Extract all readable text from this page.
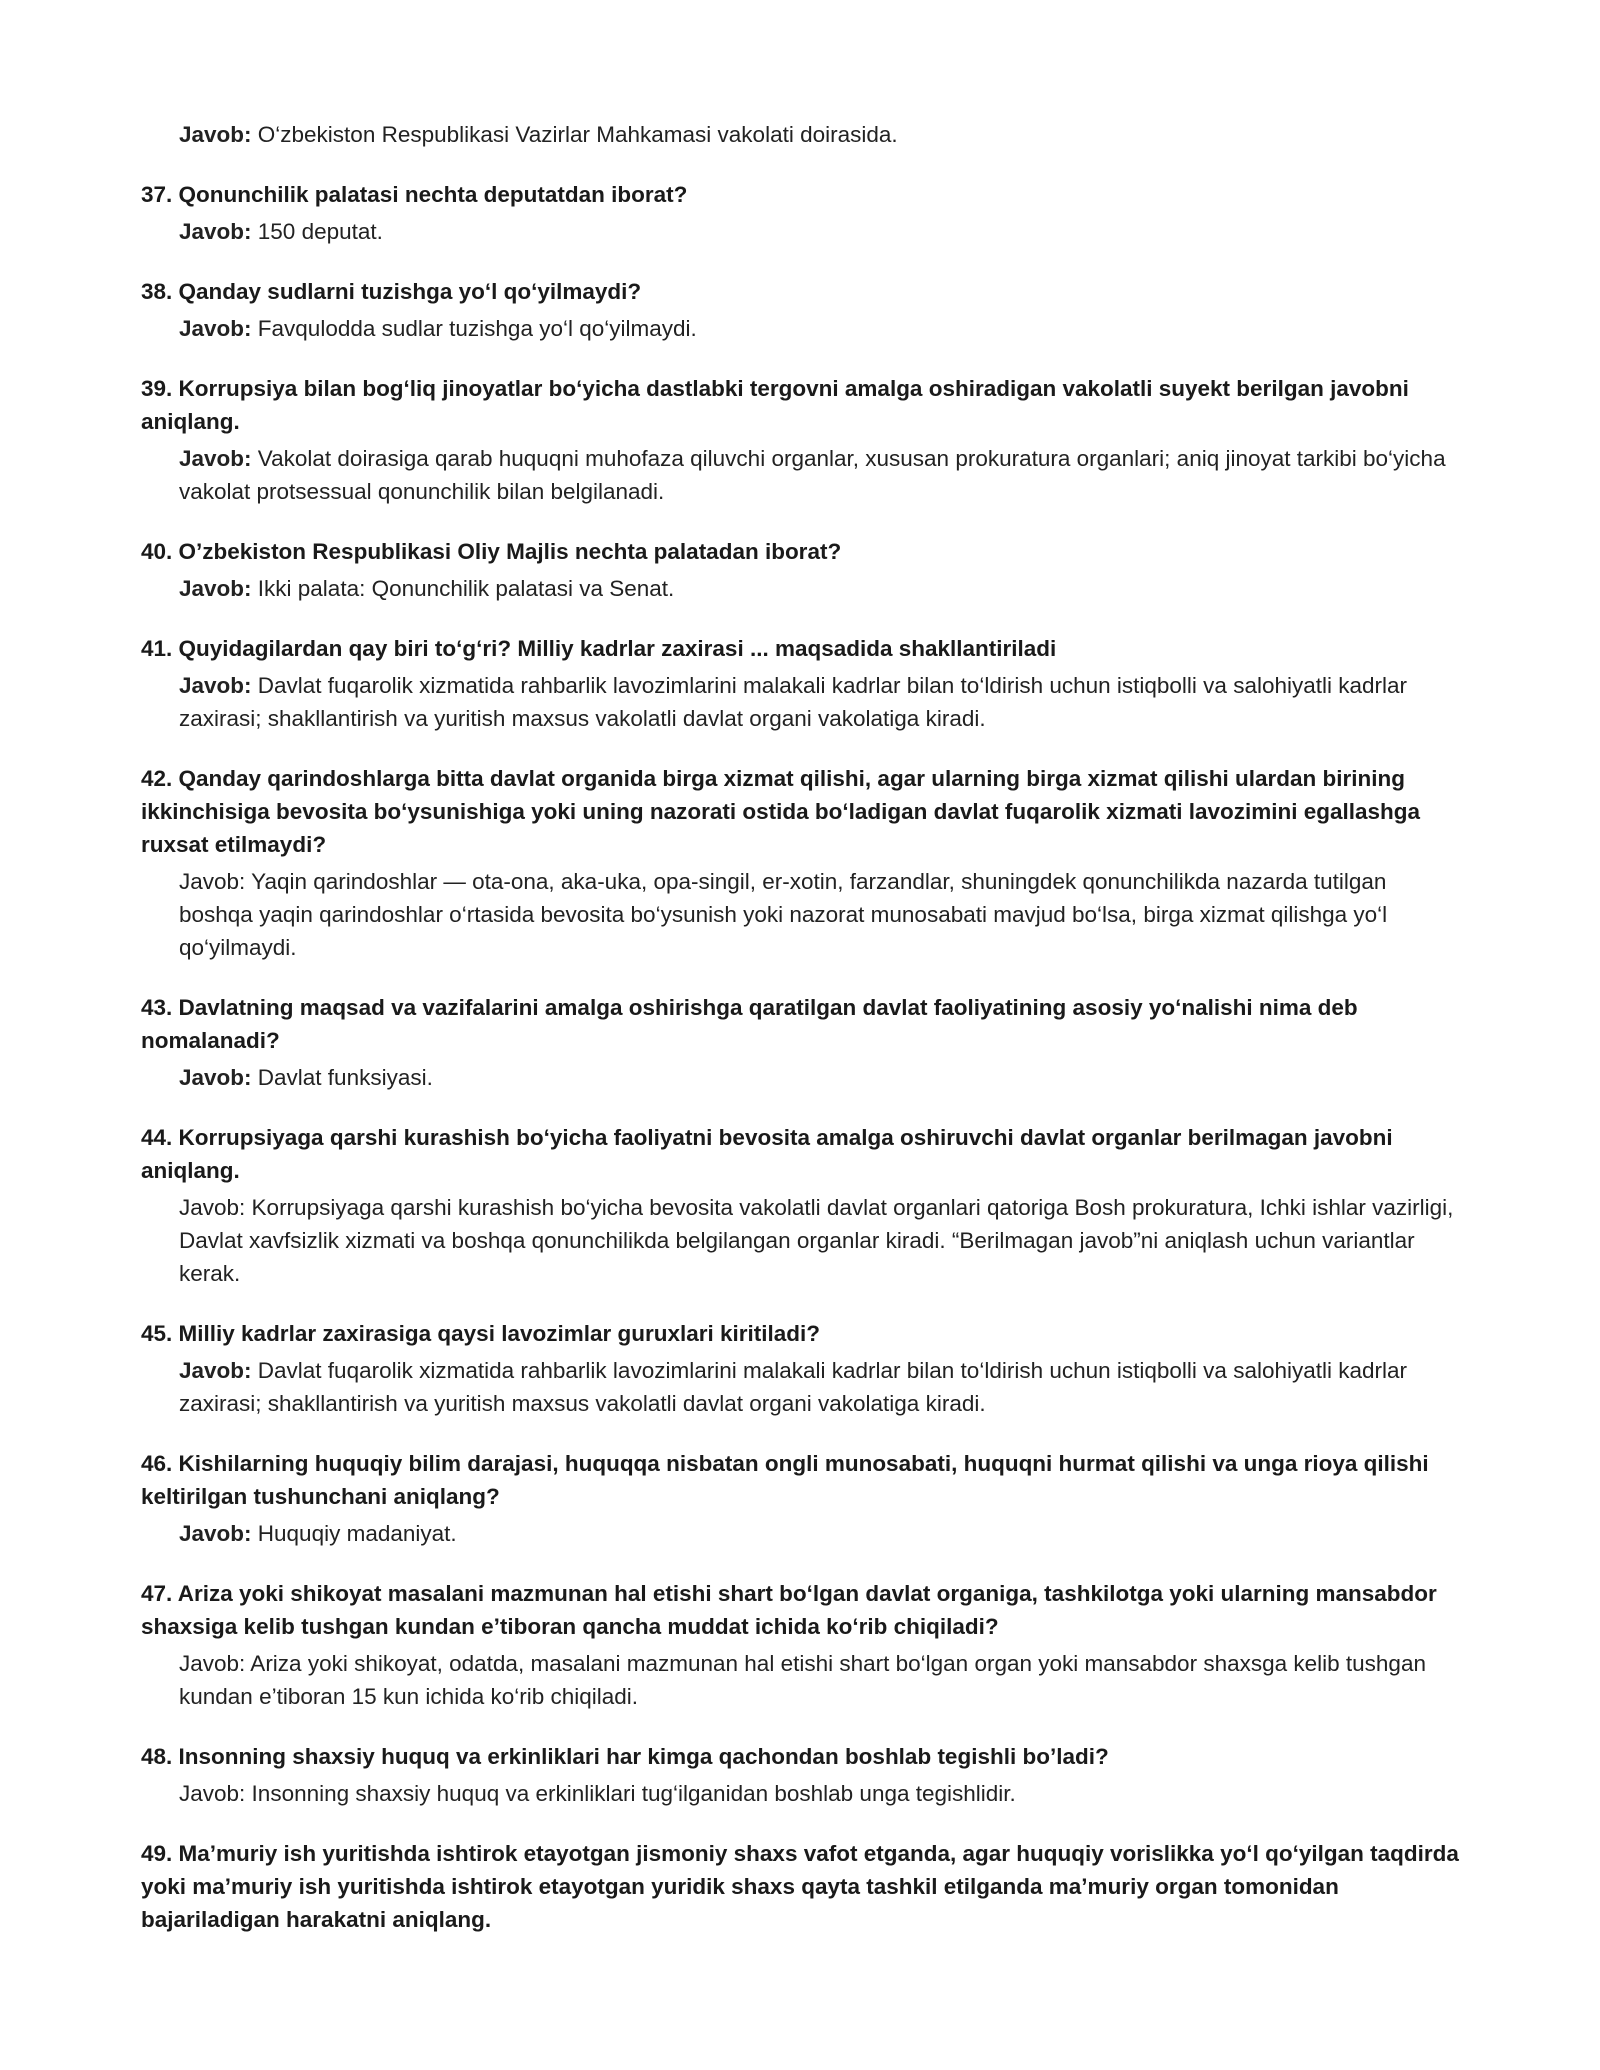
Javob: O‘zbekiston Respublikasi Vazirlar Mahkamasi vakolati doirasida.
37. Qonunchilik palatasi nechta deputatdan iborat?
Javob: 150 deputat.
38. Qanday sudlarni tuzishga yo‘l qo‘yilmaydi?
Javob: Favqulodda sudlar tuzishga yo‘l qo‘yilmaydi.
39. Korrupsiya bilan bog‘liq jinoyatlar bo‘yicha dastlabki tergovni amalga oshiradigan vakolatli suyekt berilgan javobni aniqlang.
Javob: Vakolat doirasiga qarab huquqni muhofaza qiluvchi organlar, xususan prokuratura organlari; aniq jinoyat tarkibi bo‘yicha vakolat protsessual qonunchilik bilan belgilanadi.
40. O’zbekiston Respublikasi Oliy Majlis nechta palatadan iborat?
Javob: Ikki palata: Qonunchilik palatasi va Senat.
41. Quyidagilardan qay biri to‘g‘ri? Milliy kadrlar zaxirasi ... maqsadida shakllantiriladi
Javob: Davlat fuqarolik xizmatida rahbarlik lavozimlarini malakali kadrlar bilan to‘ldirish uchun istiqbolli va salohiyatli kadrlar zaxirasi; shakllantirish va yuritish maxsus vakolatli davlat organi vakolatiga kiradi.
42. Qanday qarindoshlarga bitta davlat organida birga xizmat qilishi, agar ularning birga xizmat qilishi ulardan birining ikkinchisiga bevosita bo‘ysunishiga yoki uning nazorati ostida bo‘ladigan davlat fuqarolik xizmati lavozimini egallashga ruxsat etilmaydi?
Javob: Yaqin qarindoshlar — ota-ona, aka-uka, opa-singil, er-xotin, farzandlar, shuningdek qonunchilikda nazarda tutilgan boshqa yaqin qarindoshlar o‘rtasida bevosita bo‘ysunish yoki nazorat munosabati mavjud bo‘lsa, birga xizmat qilishga yo‘l qo‘yilmaydi.
43. Davlatning maqsad va vazifalarini amalga oshirishga qaratilgan davlat faoliyatining asosiy yo‘nalishi nima deb nomalanadi?
Javob: Davlat funksiyasi.
44. Korrupsiyaga qarshi kurashish bo‘yicha faoliyatni bevosita amalga oshiruvchi davlat organlar berilmagan javobni aniqlang.
Javob: Korrupsiyaga qarshi kurashish bo‘yicha bevosita vakolatli davlat organlari qatoriga Bosh prokuratura, Ichki ishlar vazirligi, Davlat xavfsizlik xizmati va boshqa qonunchilikda belgilangan organlar kiradi. “Berilmagan javob”ni aniqlash uchun variantlar kerak.
45. Milliy kadrlar zaxirasiga qaysi lavozimlar guruxlari kiritiladi?
Javob: Davlat fuqarolik xizmatida rahbarlik lavozimlarini malakali kadrlar bilan to‘ldirish uchun istiqbolli va salohiyatli kadrlar zaxirasi; shakllantirish va yuritish maxsus vakolatli davlat organi vakolatiga kiradi.
46. Kishilarning huquqiy bilim darajasi, huquqqa nisbatan ongli munosabati, huquqni hurmat qilishi va unga rioya qilishi keltirilgan tushunchani aniqlang?
Javob: Huquqiy madaniyat.
47. Ariza yoki shikoyat masalani mazmunan hal etishi shart bo‘lgan davlat organiga, tashkilotga yoki ularning mansabdor shaxsiga kelib tushgan kundan e’tiboran qancha muddat ichida ko‘rib chiqiladi?
Javob: Ariza yoki shikoyat, odatda, masalani mazmunan hal etishi shart bo‘lgan organ yoki mansabdor shaxsga kelib tushgan kundan e’tiboran 15 kun ichida ko‘rib chiqiladi.
48. Insonning shaxsiy huquq va erkinliklari har kimga qachondan boshlab tegishli bo’ladi?
Javob: Insonning shaxsiy huquq va erkinliklari tug‘ilganidan boshlab unga tegishlidir.
49. Ma’muriy ish yuritishda ishtirok etayotgan jismoniy shaxs vafot etganda, agar huquqiy vorislikka yo‘l qo‘yilgan taqdirda yoki ma’muriy ish yuritishda ishtirok etayotgan yuridik shaxs qayta tashkil etilganda ma’muriy organ tomonidan bajariladigan harakatni aniqlang.
